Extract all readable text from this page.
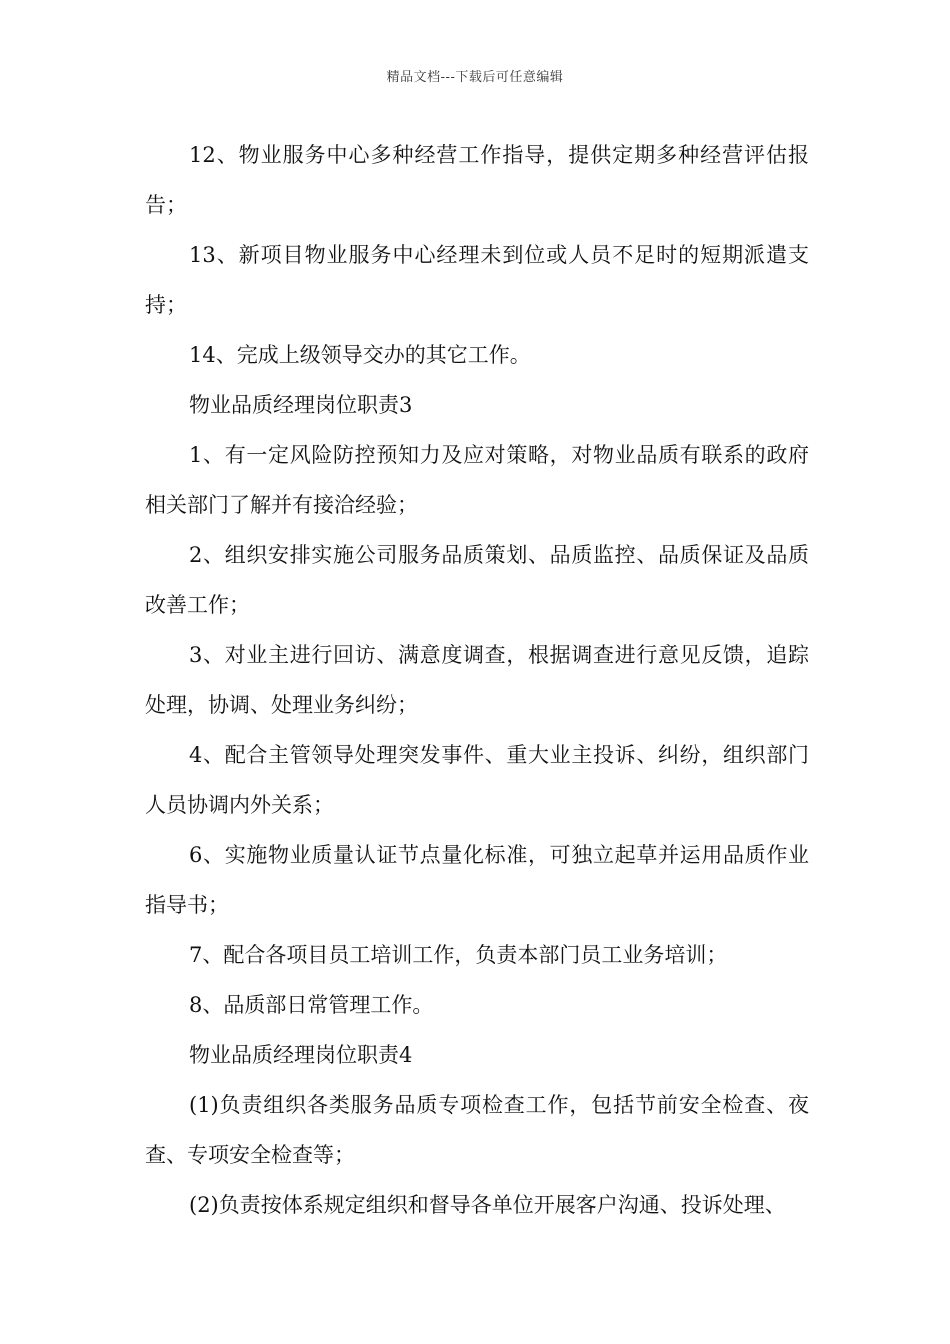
精品文档---下载后可任意编辑

12、物业服务中心多种经营工作指导，提供定期多种经营评估报告；

13、新项目物业服务中心经理未到位或人员不足时的短期派遣支持；

14、完成上级领导交办的其它工作。

物业品质经理岗位职责3

1、有一定风险防控预知力及应对策略，对物业品质有联系的政府相关部门了解并有接洽经验；

2、组织安排实施公司服务品质策划、品质监控、品质保证及品质改善工作；

3、对业主进行回访、满意度调查，根据调查进行意见反馈，追踪处理，协调、处理业务纠纷；

4、配合主管领导处理突发事件、重大业主投诉、纠纷，组织部门人员协调内外关系；

6、实施物业质量认证节点量化标准，可独立起草并运用品质作业指导书；

7、配合各项目员工培训工作，负责本部门员工业务培训；

8、品质部日常管理工作。

物业品质经理岗位职责4

(1)负责组织各类服务品质专项检查工作，包括节前安全检查、夜查、专项安全检查等；

(2)负责按体系规定组织和督导各单位开展客户沟通、投诉处理、
